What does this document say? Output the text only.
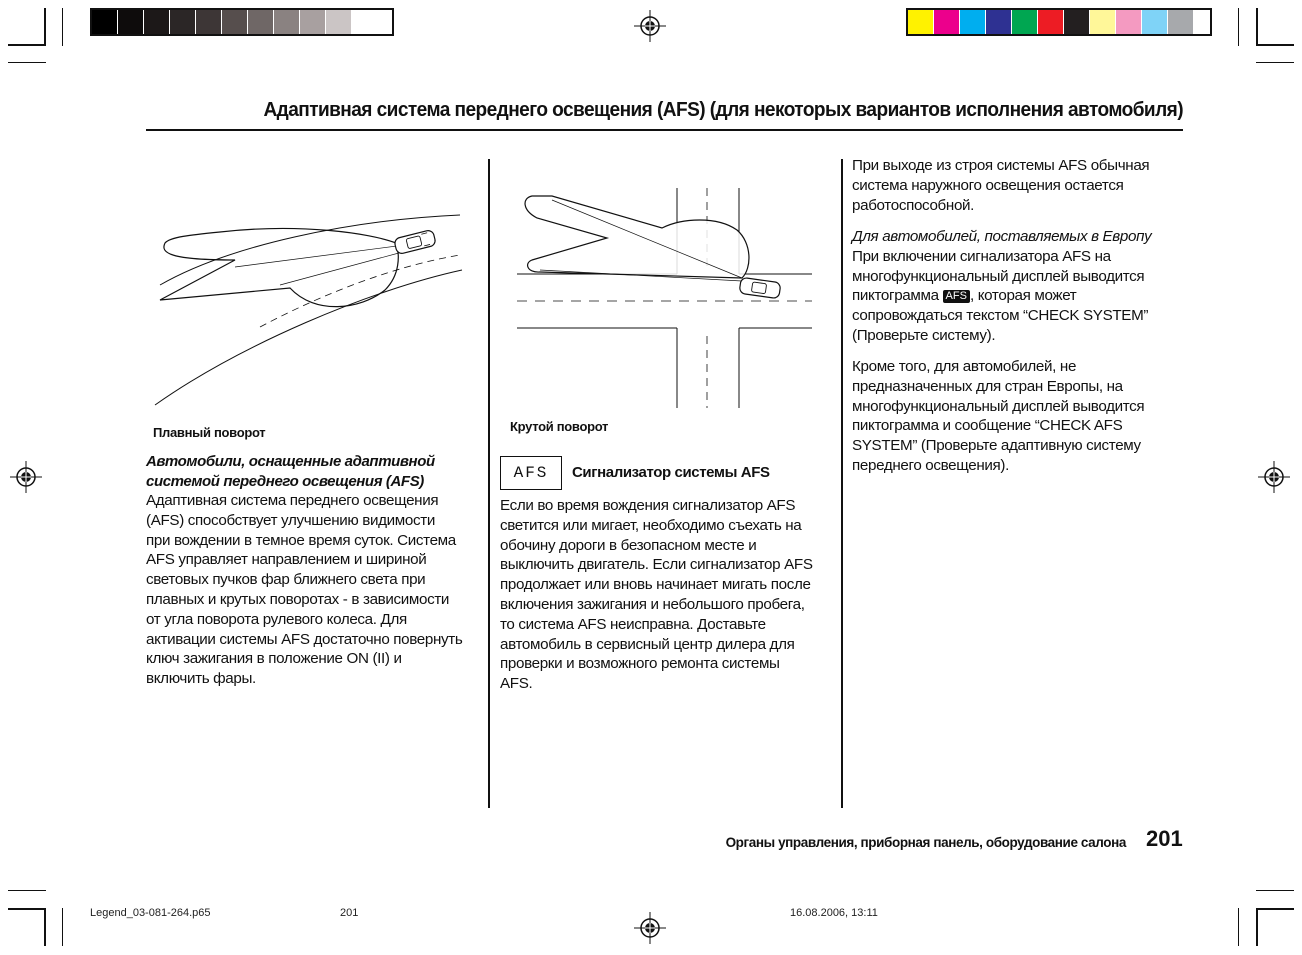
Адаптивная система переднего освещения (AFS) (для некоторых вариантов исполнения автомобиля)
Плавный поворот	Крутой поворот
Автомобили, оснащенные адаптивной
системой переднего освещения (AFS)
Адаптивная система переднего освещения
(AFS) способствует улучшению видимости
при вождении в темное время суток. Система
AFS управляет направлением и шириной
световых пучков фар ближнего света при
плавных и крутых поворотах - в зависимости
от угла поворота рулевого колеса. Для
активации системы AFS достаточно повернуть
ключ зажигания в положение ON (II) и
включить фары.
AFS	Сигнализатор системы AFS
Если во время вождения сигнализатор AFS
светится или мигает, необходимо съехать на
обочину дороги в безопасном месте и
выключить двигатель. Если сигнализатор AFS
продолжает или вновь начинает мигать после
включения зажигания и небольшого пробега,
то система AFS неисправна. Доставьте
автомобиль в сервисный центр дилера для
проверки и возможного ремонта системы
AFS.
При выходе из строя системы AFS обычная
система наружного освещения остается
работоспособной.
Для автомобилей, поставляемых в Европу
При включении сигнализатора AFS на
многофункциональный дисплей выводится
пиктограмма AFS , которая может
сопровождаться текстом “CHECK SYSTEM”
(Проверьте систему).
Кроме того, для автомобилей, не
предназначенных для стран Европы, на
многофункциональный дисплей выводится
пиктограмма и сообщение “CHECK AFS
SYSTEM” (Проверьте адаптивную систему
переднего освещения).
Органы управления, приборная панель, оборудование салона 201
Legend_03-081-264.p65	201	16.08.2006, 13:11
